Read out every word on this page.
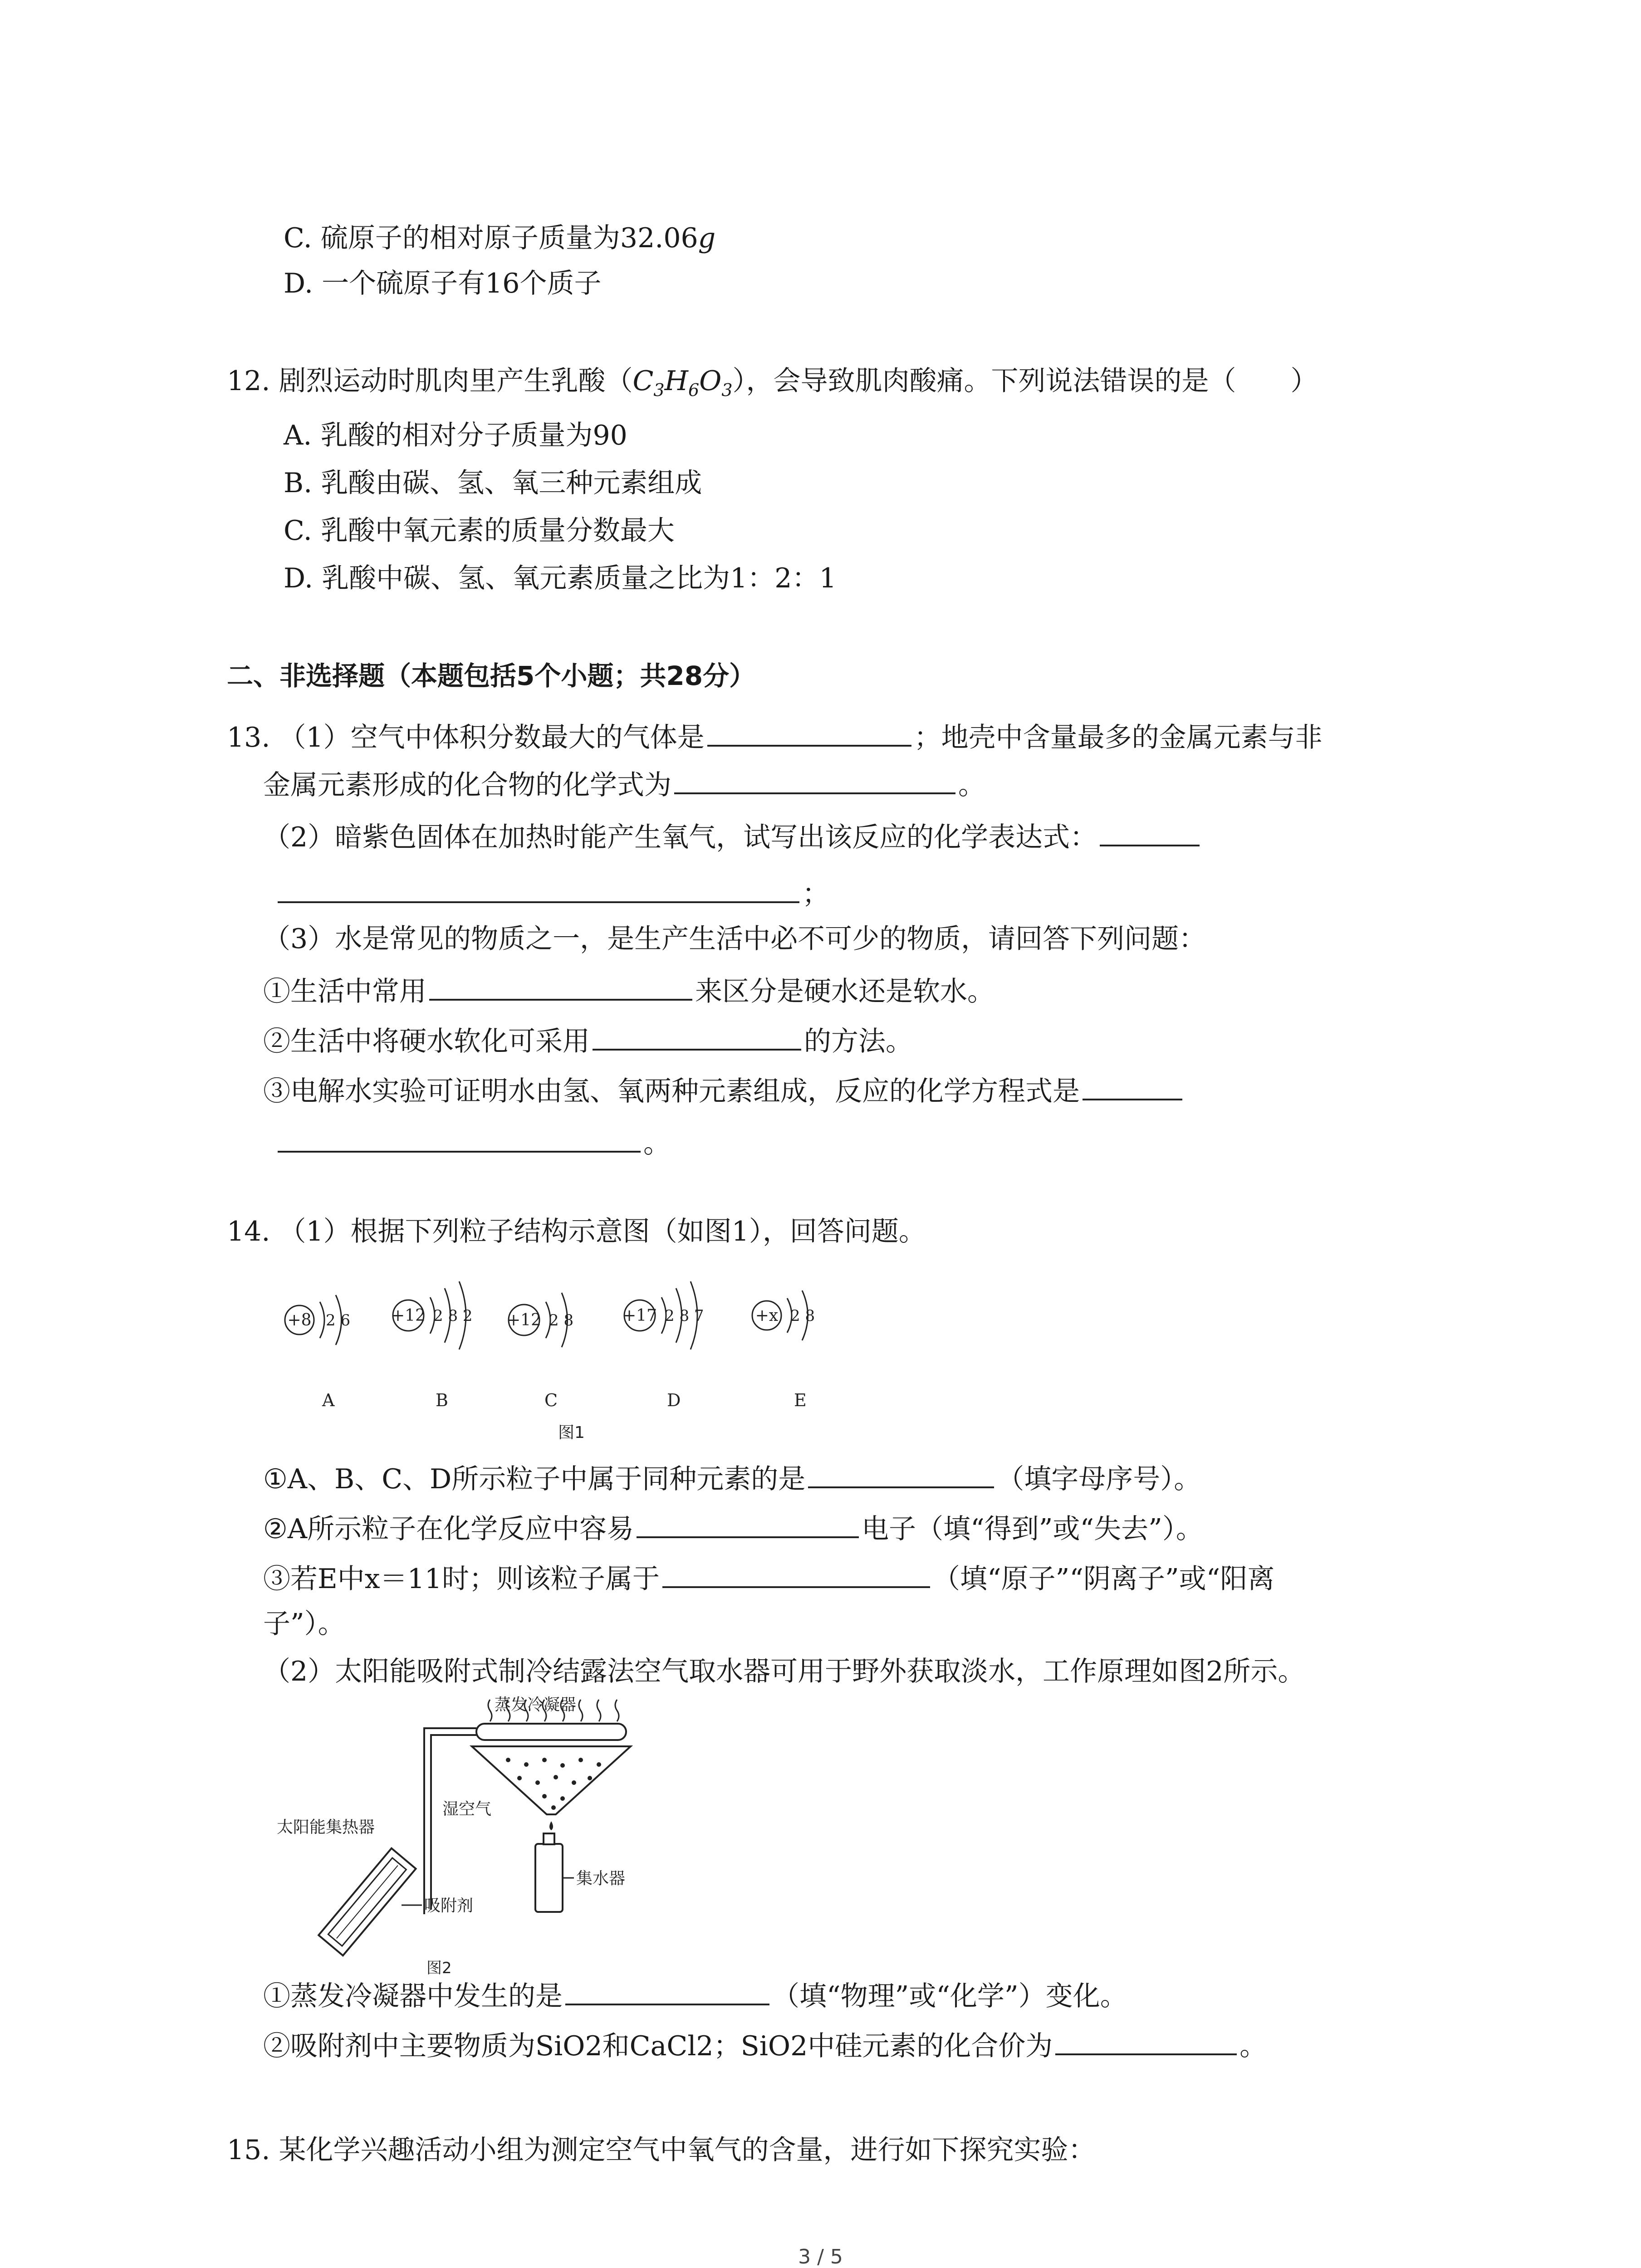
C. 硫原子的相对原子质量为32.06g
D. 一个硫原子有16个质子
12. 剧烈运动时肌肉里产生乳酸$(C_3H_6O_3)$，会导致肌肉酸痛。下列说法错误的是（　　）
A. 乳酸的相对分子质量为90
B. 乳酸由碳、氢、氧三种元素组成
C. 乳酸中氧元素的质量分数最大
D. 乳酸中碳、氢、氧元素质量之比为1：2：1
二、非选择题（本题包括5个小题；共28分）
13. （1）空气中体积分数最大的气体是	；地壳中含量最多的金属元素与非
金属元素形成的化合物的化学式为	。
（2）暗紫色固体在加热时能产生氧气，试写出该反应的化学表达式：
；
（3）水是常见的物质之一，是生产生活中必不可少的物质，请回答下列问题：
①生活中常用	来区分是硬水还是软水。
②生活中将硬水软化可采用	的方法。
③电解水实验可证明水由氢、氧两种元素组成，反应的化学方程式是
。
14. （1）根据下列粒子结构示意图（如图1），回答问题。
+8 2 6
A
+12 2 8 2
B
+12 2 8
C
+17 2 8 7
D
+x 2 8
E
图1
①A、B、C、D所示粒子中属于同种元素的是	（填字母序号）。
②A所示粒子在化学反应中容易	电子（填“得到”或“失去”）。
③若E中x＝11时；则该粒子属于	（填“原子”“阴离子”或“阳离
子”）。
（2）太阳能吸附式制冷结露法空气取水器可用于野外获取淡水，工作原理如图2所示。
蒸发冷凝器
集水器
湿空气
太阳能集热器
吸附剂
图2
①蒸发冷凝器中发生的是	（填“物理”或“化学”）变化。
②吸附剂中主要物质为SiO2和CaCl2；SiO2中硅元素的化合价为	。
15. 某化学兴趣活动小组为测定空气中氧气的含量，进行如下探究实验：
3 / 5
